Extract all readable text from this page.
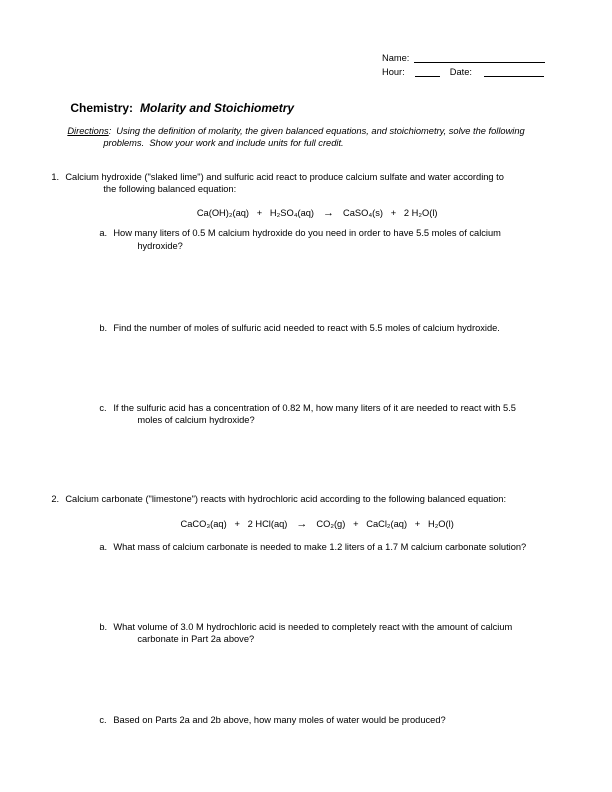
Name:
Hour:	Date:

Chemistry: Molarity and Stoichiometry

Directions: Using the definition of molarity, the given balanced equations, and stoichiometry, solve the following

problems.  Show your work and include units for full credit.

1. Calcium hydroxide ("slaked lime") and sulfuric acid react to produce calcium sulfate and water according to

the following balanced equation:

Ca(OH)₂(aq)   +   H₂SO₄(aq) → CaSO₄(s)   +   2 H₂O(l)

a. How many liters of 0.5 M calcium hydroxide do you need in order to have 5.5 moles of calcium

hydroxide?

b. Find the number of moles of sulfuric acid needed to react with 5.5 moles of calcium hydroxide.

c. If the sulfuric acid has a concentration of 0.82 M, how many liters of it are needed to react with 5.5

moles of calcium hydroxide?

2. Calcium carbonate ("limestone") reacts with hydrochloric acid according to the following balanced equation:

CaCO₃(aq)   +   2 HCl(aq) → CO₂(g)   +   CaCl₂(aq)   +   H₂O(l)

a. What mass of calcium carbonate is needed to make 1.2 liters of a 1.7 M calcium carbonate solution?

b. What volume of 3.0 M hydrochloric acid is needed to completely react with the amount of calcium

carbonate in Part 2a above?

c. Based on Parts 2a and 2b above, how many moles of water would be produced?
